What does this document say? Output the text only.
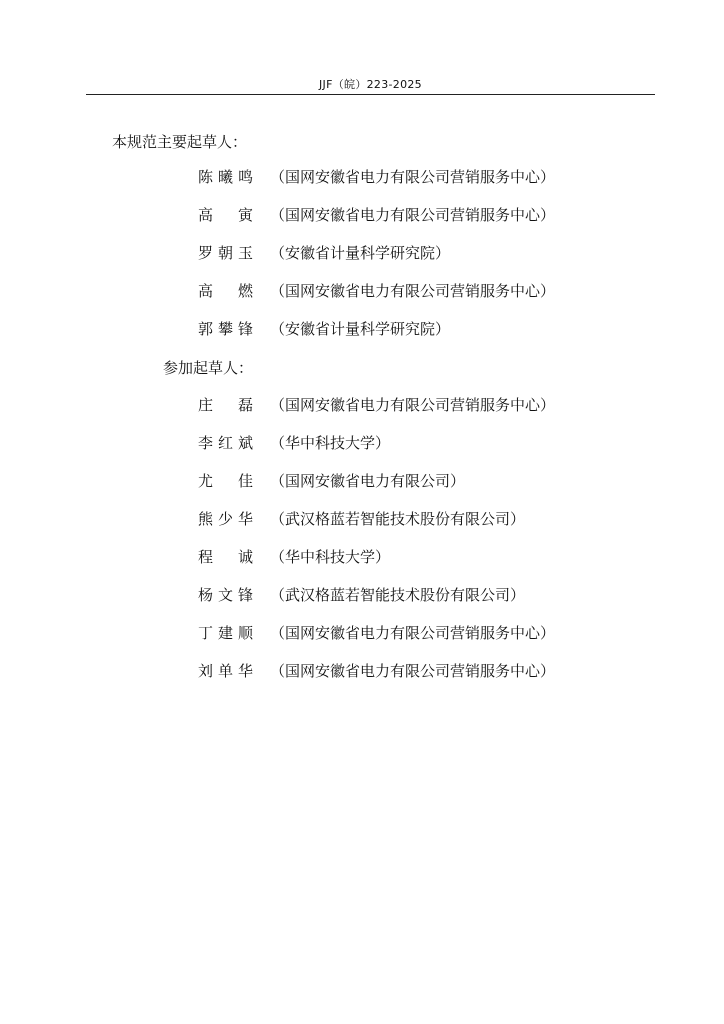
JJF（皖）223-2025
本规范主要起草人：
陈曦鸣 （国网安徽省电力有限公司营销服务中心）
高　寅 （国网安徽省电力有限公司营销服务中心）
罗朝玉 （安徽省计量科学研究院）
高　燃 （国网安徽省电力有限公司营销服务中心）
郭攀锋 （安徽省计量科学研究院）
参加起草人：
庄　磊 （国网安徽省电力有限公司营销服务中心）
李红斌 （华中科技大学）
尤　佳 （国网安徽省电力有限公司）
熊少华 （武汉格蓝若智能技术股份有限公司）
程　诚 （华中科技大学）
杨文锋 （武汉格蓝若智能技术股份有限公司）
丁建顺 （国网安徽省电力有限公司营销服务中心）
刘单华 （国网安徽省电力有限公司营销服务中心）
